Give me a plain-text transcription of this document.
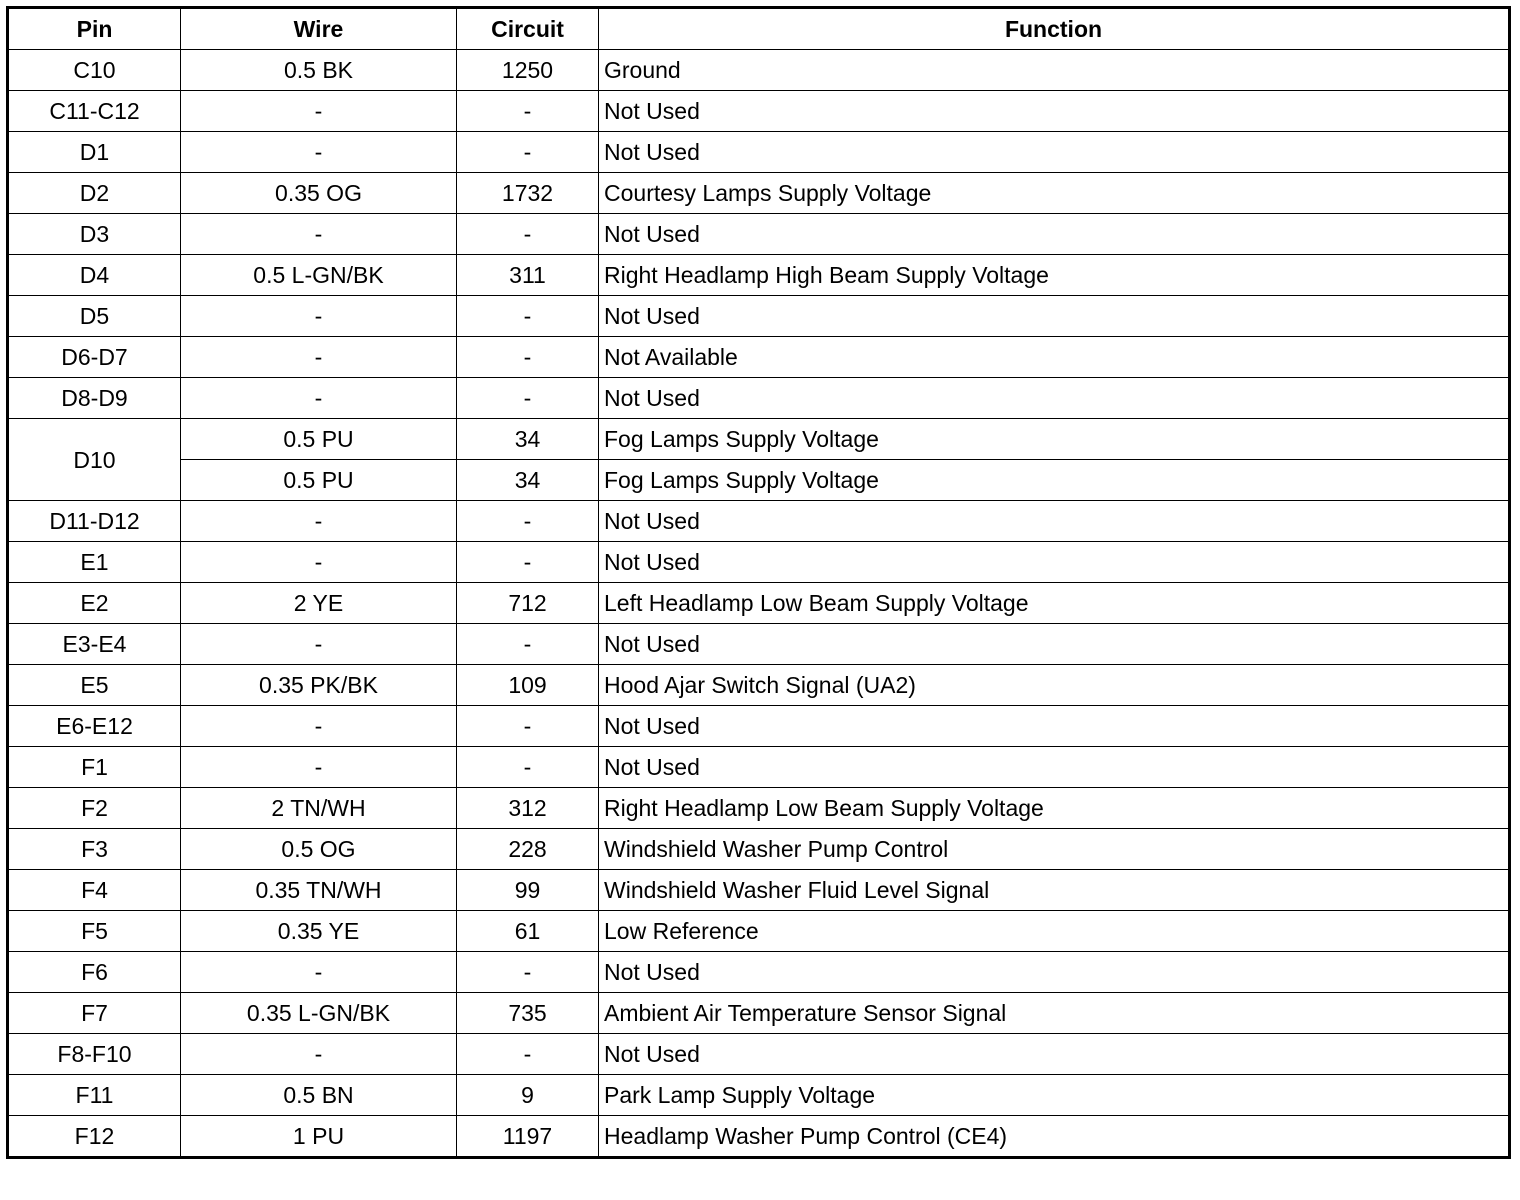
Pin	Wire	Circuit	Function
C10	0.5 BK	1250	Ground
C11-C12	-	-	Not Used
D1	-	-	Not Used
D2	0.35 OG	1732	Courtesy Lamps Supply Voltage
D3	-	-	Not Used
D4	0.5 L-GN/BK	311	Right Headlamp High Beam Supply Voltage
D5	-	-	Not Used
D6-D7	-	-	Not Available
D8-D9	-	-	Not Used
D10	0.5 PU	34	Fog Lamps Supply Voltage
	0.5 PU	34	Fog Lamps Supply Voltage
D11-D12	-	-	Not Used
E1	-	-	Not Used
E2	2 YE	712	Left Headlamp Low Beam Supply Voltage
E3-E4	-	-	Not Used
E5	0.35 PK/BK	109	Hood Ajar Switch Signal (UA2)
E6-E12	-	-	Not Used
F1	-	-	Not Used
F2	2 TN/WH	312	Right Headlamp Low Beam Supply Voltage
F3	0.5 OG	228	Windshield Washer Pump Control
F4	0.35 TN/WH	99	Windshield Washer Fluid Level Signal
F5	0.35 YE	61	Low Reference
F6	-	-	Not Used
F7	0.35 L-GN/BK	735	Ambient Air Temperature Sensor Signal
F8-F10	-	-	Not Used
F11	0.5 BN	9	Park Lamp Supply Voltage
F12	1 PU	1197	Headlamp Washer Pump Control (CE4)
